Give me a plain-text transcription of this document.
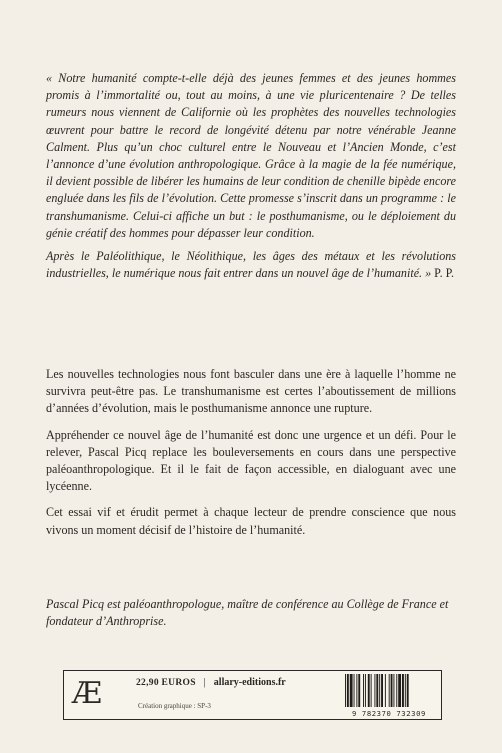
« Notre humanité compte-t-elle déjà des jeunes femmes et des jeunes hommes promis à l’immortalité ou, tout au moins, à une vie pluricentenaire ? De telles rumeurs nous viennent de Californie où les prophètes des nouvelles technologies œuvrent pour battre le record de longévité détenu par notre vénérable Jeanne Calment. Plus qu’un choc culturel entre le Nouveau et l’Ancien Monde, c’est l’annonce d’une évolution anthropologique. Grâce à la magie de la fée numérique, il devient possible de libérer les humains de leur condition de chenille bipède encore engluée dans les fils de l’évolution. Cette promesse s’inscrit dans un programme : le transhumanisme. Celui-ci affiche un but : le posthumanisme, ou le déploiement du génie créatif des hommes pour dépasser leur condition.

Après le Paléolithique, le Néolithique, les âges des métaux et les révolutions industrielles, le numérique nous fait entrer dans un nouvel âge de l’humanité. » P. P.

Les nouvelles technologies nous font basculer dans une ère à laquelle l’homme ne survivra peut-être pas. Le transhumanisme est certes l’aboutissement de millions d’années d’évolution, mais le posthumanisme annonce une rupture.

Appréhender ce nouvel âge de l’humanité est donc une urgence et un défi. Pour le relever, Pascal Picq replace les bouleversements en cours dans une perspective paléoanthropologique. Et il le fait de façon accessible, en dialoguant avec une lycéenne.

Cet essai vif et érudit permet à chaque lecteur de prendre conscience que nous vivons un moment décisif de l’histoire de l’humanité.

Pascal Picq est paléoanthropologue, maître de conférence au Collège de France et fondateur d’Anthroprise.

Æ	22,90 EUROS | allary-editions.fr
Création graphique : SP-3
9 782370 732309
